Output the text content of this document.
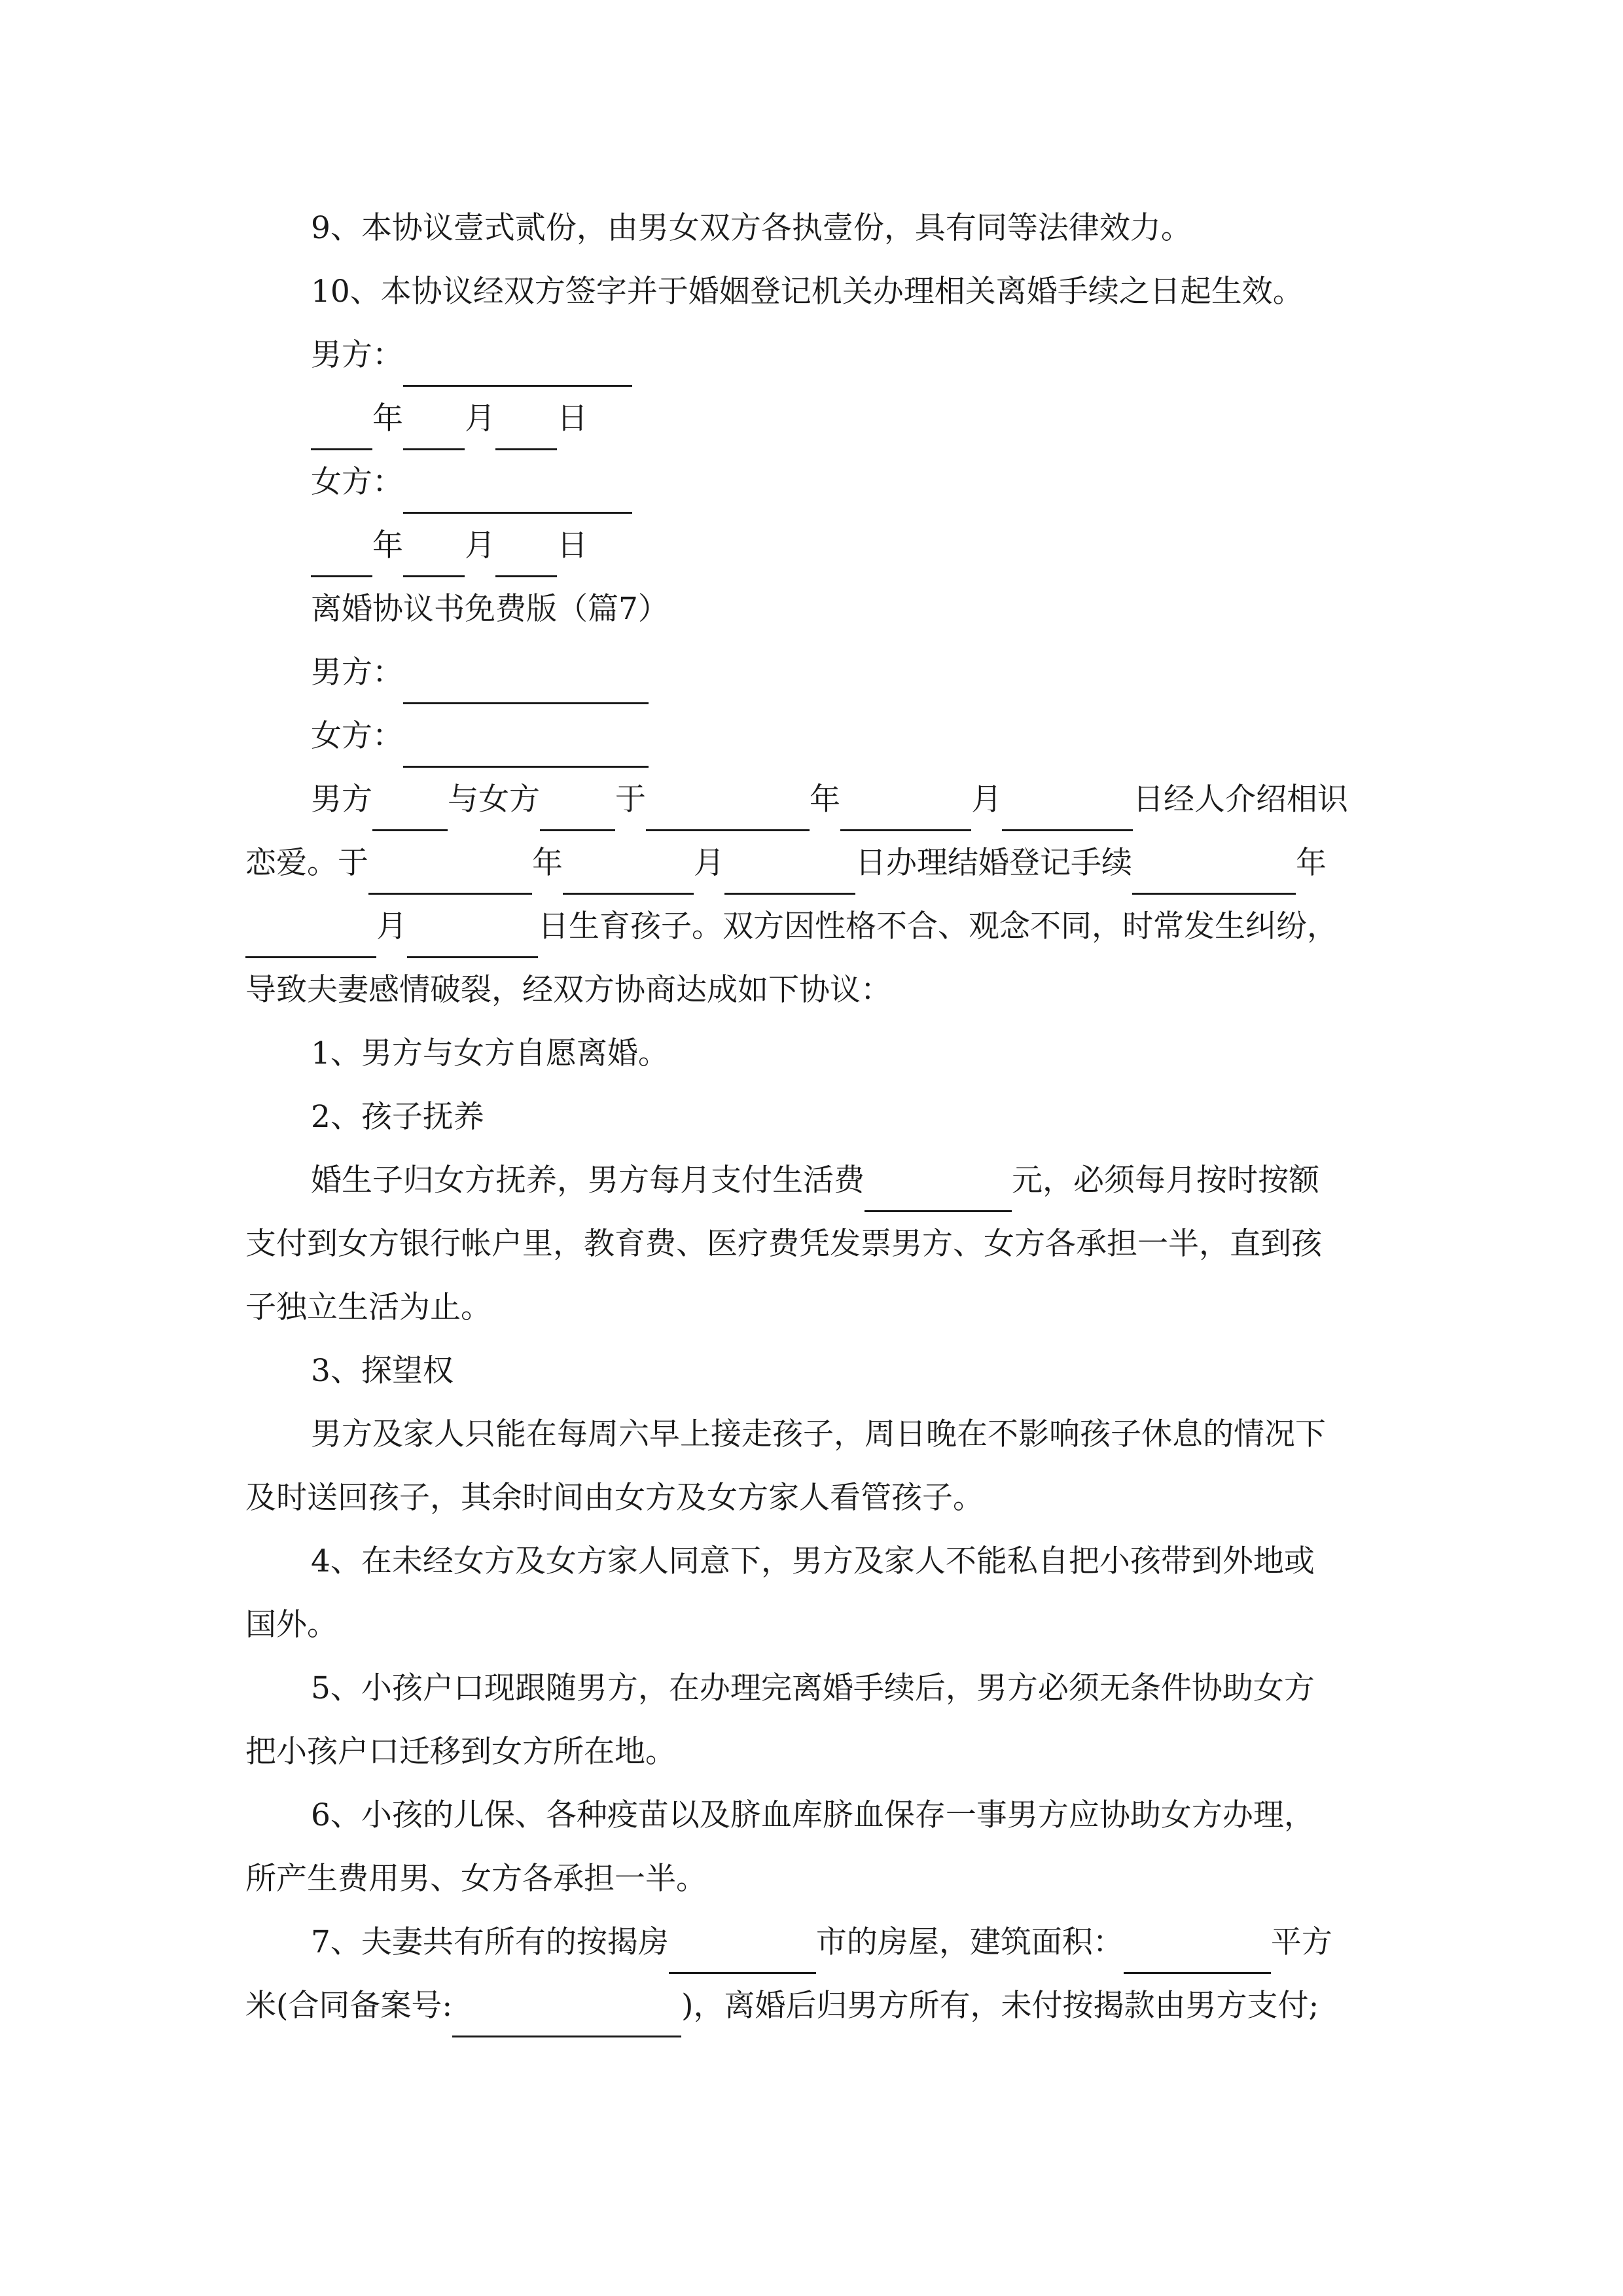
9、本协议壹式贰份，由男女双方各执壹份，具有同等法律效力。
10、本协议经双方签字并于婚姻登记机关办理相关离婚手续之日起生效。
男方：
年 月 日
女方：
年 月 日
离婚协议书免费版（篇7）
男方：
女方：
男方 与女方 于	年	月	日经人介绍相识
恋爱。于	年	月	日办理结婚登记手续	年
月	日生育孩子。双方因性格不合、观念不同，时常发生纠纷，
导致夫妻感情破裂，经双方协商达成如下协议：
1、男方与女方自愿离婚。
2、孩子抚养
婚生子归女方抚养，男方每月支付生活费	元，必须每月按时按额
支付到女方银行帐户里，教育费、医疗费凭发票男方、女方各承担一半，直到孩
子独立生活为止。
3、探望权
男方及家人只能在每周六早上接走孩子，周日晚在不影响孩子休息的情况下
及时送回孩子，其余时间由女方及女方家人看管孩子。
4、在未经女方及女方家人同意下，男方及家人不能私自把小孩带到外地或
国外。
5、小孩户口现跟随男方，在办理完离婚手续后，男方必须无条件协助女方
把小孩户口迁移到女方所在地。
6、小孩的儿保、各种疫苗以及脐血库脐血保存一事男方应协助女方办理，
所产生费用男、女方各承担一半。
7、夫妻共有所有的按揭房	市的房屋，建筑面积：	平方
米(合同备案号:	)，离婚后归男方所有，未付按揭款由男方支付;
